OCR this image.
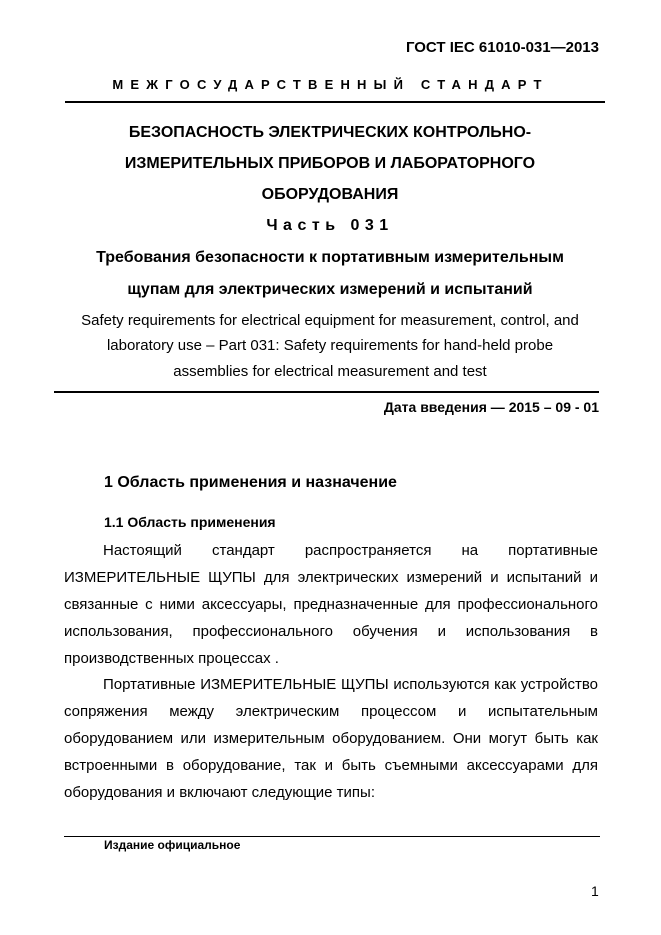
ГОСТ IEC 61010-031—2013
МЕЖГОСУДАРСТВЕННЫЙ СТАНДАРТ
БЕЗОПАСНОСТЬ ЭЛЕКТРИЧЕСКИХ КОНТРОЛЬНО-
ИЗМЕРИТЕЛЬНЫХ ПРИБОРОВ И ЛАБОРАТОРНОГО
ОБОРУДОВАНИЯ
Часть 031
Требования безопасности к портативным измерительным
щупам для электрических измерений и испытаний
Safety requirements for electrical equipment for measurement, control, and
laboratory use – Part 031: Safety requirements for hand-held probe
assemblies for electrical measurement and test
Дата введения — 2015 – 09 - 01
1 Область применения и назначение
1.1 Область применения
Настоящий стандарт распространяется на портативные ИЗМЕРИТЕЛЬНЫЕ ЩУПЫ для электрических измерений и испытаний и связанные с ними аксессуары, предназначенные для профессионального использования, профессионального обучения и использования в производственных процессах .
Портативные ИЗМЕРИТЕЛЬНЫЕ ЩУПЫ используются как устройство сопряжения между электрическим процессом и испытательным оборудованием или измерительным оборудованием. Они могут быть как встроенными в оборудование, так и быть съемными аксессуарами для оборудования и включают следующие типы:
Издание официальное
1
